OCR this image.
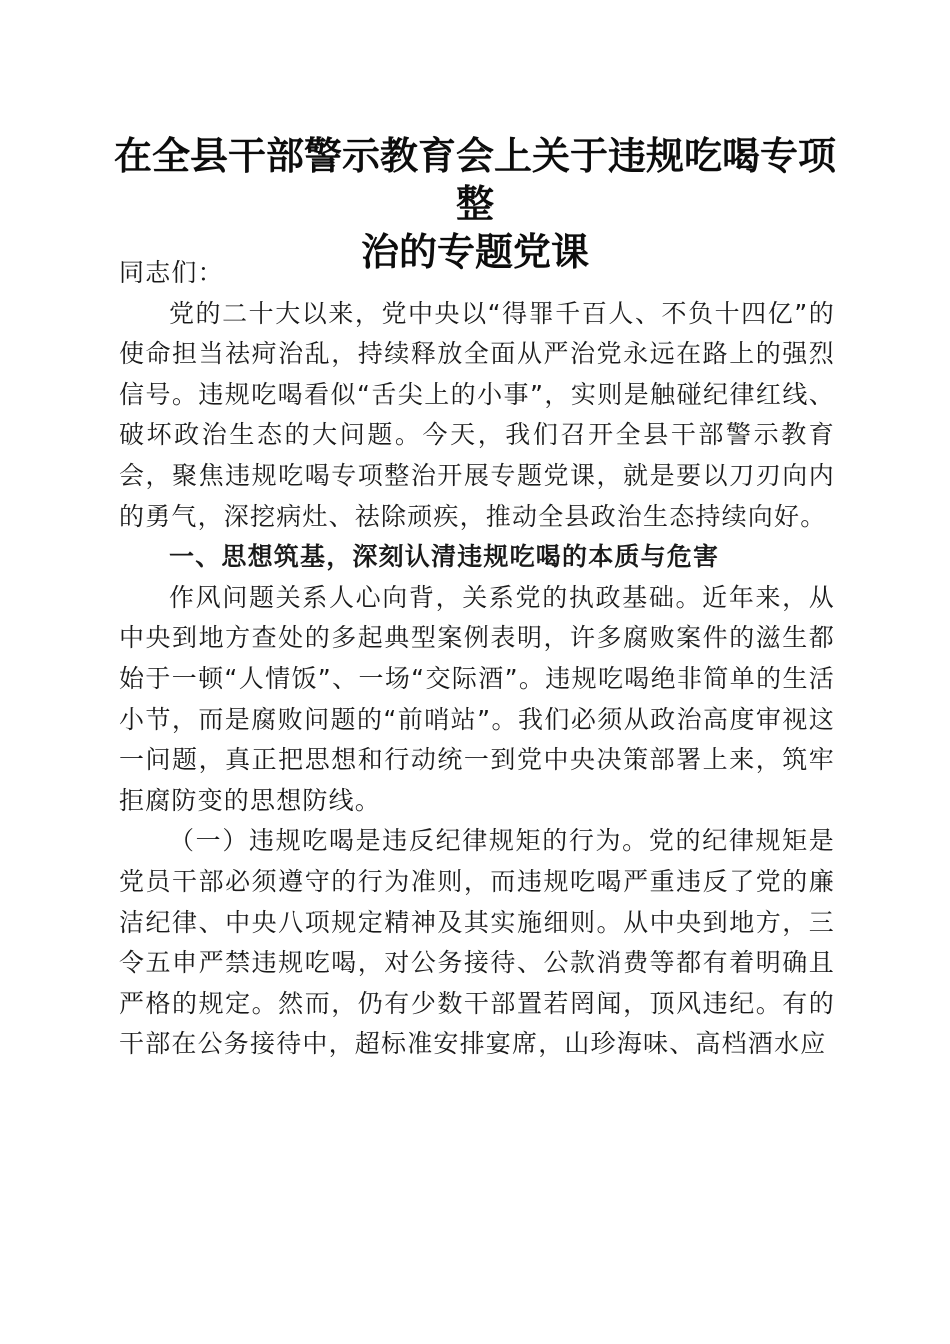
在全县干部警示教育会上关于违规吃喝专项整
治的专题党课

同志们：

党的二十大以来，党中央以“得罪千百人、不负十四亿”的使命担当祛疴治乱，持续释放全面从严治党永远在路上的强烈信号。违规吃喝看似“舌尖上的小事”，实则是触碰纪律红线、破坏政治生态的大问题。今天，我们召开全县干部警示教育会，聚焦违规吃喝专项整治开展专题党课，就是要以刀刃向内的勇气，深挖病灶、祛除顽疾，推动全县政治生态持续向好。

一、思想筑基，深刻认清违规吃喝的本质与危害

作风问题关系人心向背，关系党的执政基础。近年来，从中央到地方查处的多起典型案例表明，许多腐败案件的滋生都始于一顿“人情饭”、一场“交际酒”。违规吃喝绝非简单的生活小节，而是腐败问题的“前哨站”。我们必须从政治高度审视这一问题，真正把思想和行动统一到党中央决策部署上来，筑牢拒腐防变的思想防线。

（一）违规吃喝是违反纪律规矩的行为。党的纪律规矩是党员干部必须遵守的行为准则，而违规吃喝严重违反了党的廉洁纪律、中央八项规定精神及其实施细则。从中央到地方，三令五申严禁违规吃喝，对公务接待、公款消费等都有着明确且严格的规定。然而，仍有少数干部置若罔闻，顶风违纪。有的干部在公务接待中，超标准安排宴席，山珍海味、高档酒水应
